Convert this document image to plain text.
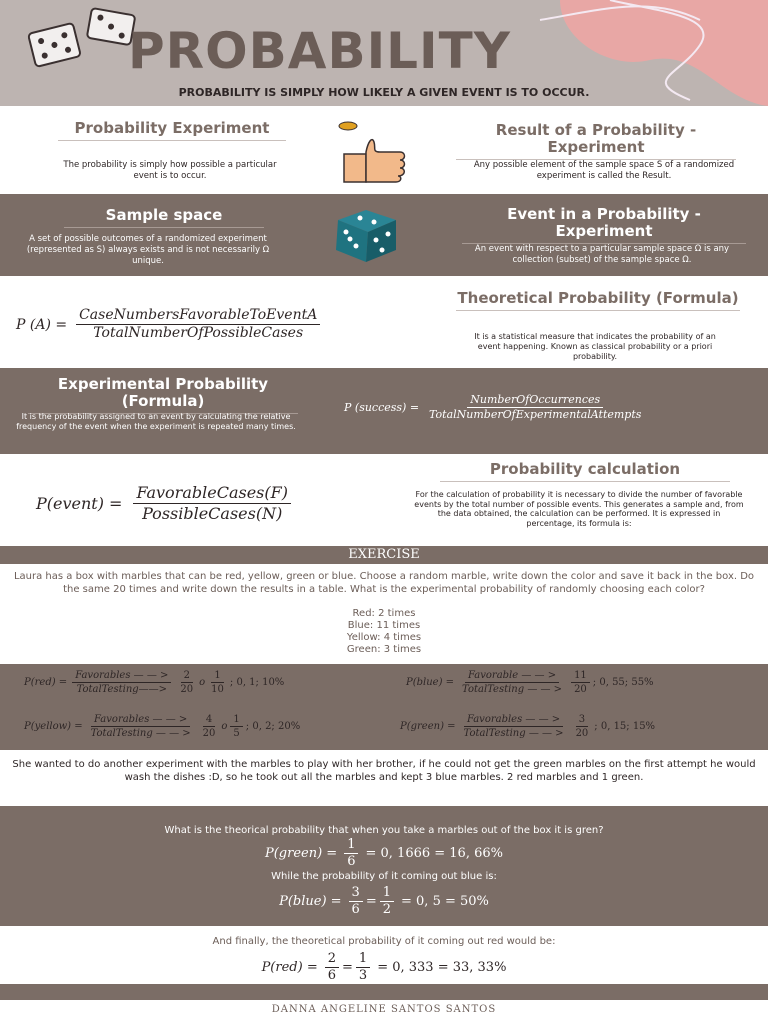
PROBABILITY
PROBABILITY IS SIMPLY HOW LIKELY A GIVEN EVENT IS TO OCCUR.
Probability Experiment
The probability is simply how possible a particular event is to occur.
Result of a Probability - Experiment
Any possible element of the sample space S of a randomized experiment is called the Result.
Sample space
A set of possible outcomes of a randomized experiment (represented as S) always exists and is not necessarily Ω unique.
Event in a Probability - Experiment
An event with respect to a particular sample space Ω is any collection (subset) of the sample space Ω.
P $(A) = \frac{\text{CaseNumbersFavorableToEventA}}{\text{TotalNumberOfPossibleCases}}$
Theoretical Probability (Formula)
It is a statistical measure that indicates the probability of an event happening. Known as classical probability or a priori probability.
Experimental Probability (Formula)
It is the probability assigned to an event by calculating the relative frequency of the event when the experiment is repeated many times.
P (success) = $\frac{\text{NumberOfOccurrences}}{\text{TotalNumberOfExperimentalAttempts}}$
P(event) = $\frac{\text{FavorableCases(F)}}{\text{PossibleCases(N)}}$
Probability calculation
For the calculation of probability it is necessary to divide the number of favorable events by the total number of possible events. This generates a sample and, from the data obtained, the calculation can be performed. It is expressed in percentage, its formula is:
EXERCISE
Laura has a box with marbles that can be red, yellow, green or blue. Choose a random marble, write down the color and save it back in the box. Do the same 20 times and write down the results in a table. What is the experimental probability of randomly choosing each color?
Red: 2 times
Blue: 11 times
Yellow: 4 times
Green: 3 times
$P(red) = \frac{\text{Favorables — — >}}{\text{TotalTesting——>}} \frac{2}{20}$ o $\frac{1}{10}$ ; 0, 1; 10%	P(blue) = $\frac{\text{Favorable — — >}}{\text{TotalTesting — — >}} \frac{11}{20}$ ; 0, 55; 55%
P(yellow) = $\frac{\text{Favorables — — >}}{\text{TotalTesting — — >}} \frac{4}{20}$ o $\frac{1}{5}$ ; 0, 2; 20%	P(green) = $\frac{\text{Favorables — — >}}{\text{TotalTesting — — >}} \frac{3}{20}$ ; 0, 15; 15%
She wanted to do another experiment with the marbles to play with her brother, if he could not get the green marbles on the first attempt he would wash the dishes :D, so he took out all the marbles and kept 3 blue marbles. 2 red marbles and 1 green.
What is the theorical probability that when you take a marbles out of the box it is gren?
P(green) = $\frac{1}{6} = 0$, 1666 = 16, 66%
While the probability of it coming out blue is:
P(blue) = $\frac{3}{6} = \frac{1}{2} = 0$, 5 = 50%
And finally, the theoretical probability of it coming out red would be:
$P(red) = \frac{2}{6} = \frac{1}{3} = 0$, 333 = 33, 33%
DANNA ANGELINE SANTOS SANTOS
